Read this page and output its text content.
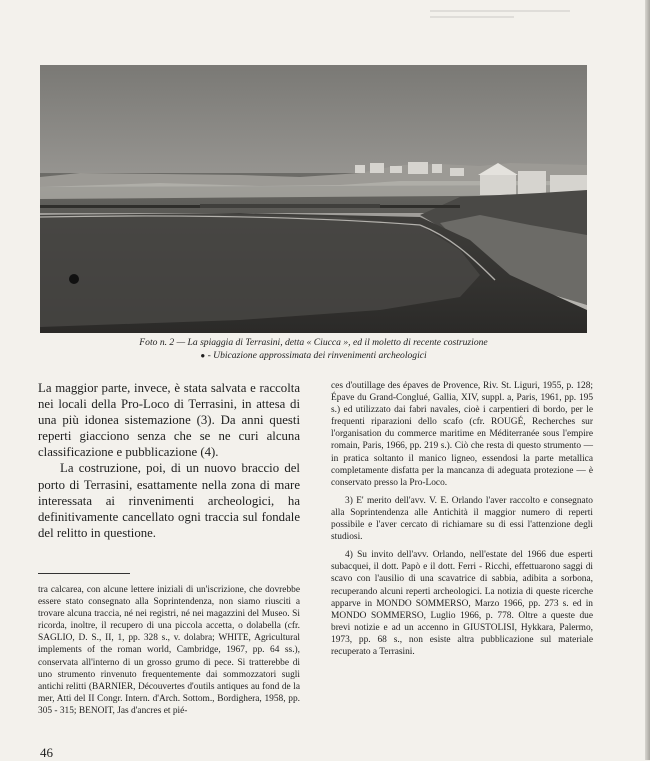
Foto n. 2 — La spiaggia di Terrasini, detta « Ciucca », ed il moletto di recente costruzione
● - Ubicazione approssimata dei rinvenimenti archeologici

La maggior parte, invece, è stata salvata e raccolta nei locali della Pro-Loco di Terrasini, in attesa di una più idonea sistemazione (3). Da anni questi reperti giacciono senza che se ne curi alcuna classificazione e pubblicazione (4).

La costruzione, poi, di un nuovo braccio del porto di Terrasini, esattamente nella zona di mare interessata ai rinvenimenti archeologici, ha definitivamente cancellato ogni traccia sul fondale del relitto in questione.

tra calcarea, con alcune lettere iniziali di un'iscrizione, che dovrebbe essere stato consegnato alla Soprintendenza, non siamo riusciti a trovare alcuna traccia, né nei registri, né nei magazzini del Museo. Si ricorda, inoltre, il recupero di una piccola accetta, o dolabella (cfr. SAGLIO, D. S., II, 1, pp. 328 s., v. dolabra; WHITE, Agricultural implements of the roman world, Cambridge, 1967, pp. 64 ss.), conservata all'interno di un grosso grumo di pece. Si tratterebbe di uno strumento rinvenuto frequentemente dai sommozzatori sugli antichi relitti (BARNIER, Découvertes d'outils antiques au fond de la mer, Atti del II Congr. Intern. d'Arch. Sottom., Bordighera, 1958, pp. 305 - 315; BENOIT, Jas d'ancres et pié-

ces d'outillage des épaves de Provence, Riv. St. Liguri, 1955, p. 128; Épave du Grand-Conglué, Gallia, XIV, suppl. a, Paris, 1961, pp. 195 s.) ed utilizzato dai fabri navales, cioè i carpentieri di bordo, per le frequenti riparazioni dello scafo (cfr. ROUGÉ, Recherches sur l'organisation du commerce maritime en Méditerranée sous l'empire romain, Paris, 1966, pp. 219 s.). Ciò che resta di questo strumento — in pratica soltanto il manico ligneo, essendosi la parte metallica completamente disfatta per la mancanza di adeguata protezione — è conservato presso la Pro-Loco.

3) E' merito dell'avv. V. E. Orlando l'aver raccolto e consegnato alla Soprintendenza alle Antichità il maggior numero di reperti possibile e l'aver cercato di richiamare su di essi l'attenzione degli studiosi.

4) Su invito dell'avv. Orlando, nell'estate del 1966 due esperti subacquei, il dott. Papò e il dott. Ferri - Ricchi, effettuarono saggi di scavo con l'ausilio di una scavatrice di sabbia, adibita a sorbona, recuperando alcuni reperti archeologici. La notizia di queste ricerche apparve in MONDO SOMMERSO, Marzo 1966, pp. 273 s. ed in MONDO SOMMERSO, Luglio 1966, p. 778. Oltre a queste due brevi notizie e ad un accenno in GIUSTOLISI, Hykkara, Palermo, 1973, pp. 68 s., non esiste altra pubblicazione sul materiale recuperato a Terrasini.

46
